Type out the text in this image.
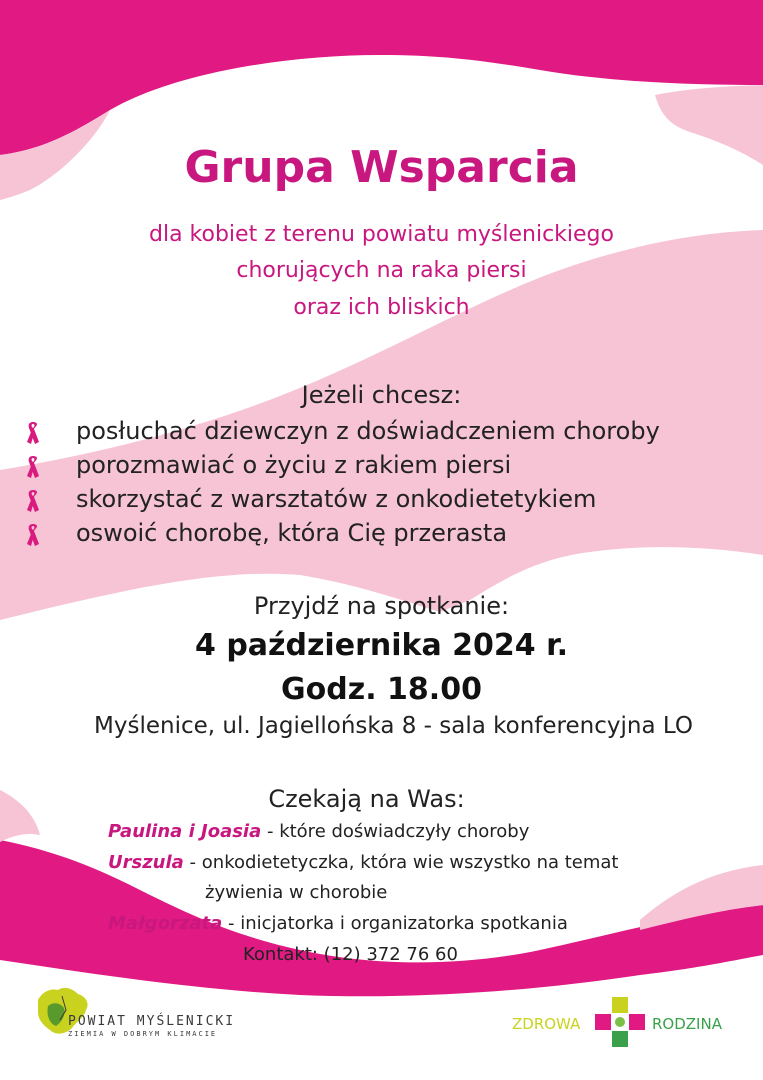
Grupa Wsparcia
dla kobiet z terenu powiatu myślenickiego
chorujących na raka piersi
oraz ich bliskich
Jeżeli chcesz:
posłuchać dziewczyn z doświadczeniem choroby
porozmawiać o życiu z rakiem piersi
skorzystać z warsztatów z onkodietetykiem
oswoić chorobę, która Cię przerasta
Przyjdź na spotkanie:
4 października 2024 r.
Godz. 18.00
Myślenice, ul. Jagiellońska 8 - sala konferencyjna LO
Czekają na Was:
Paulina i Joasia - które doświadczyły choroby
Urszula - onkodietetyczka, która wie wszystko na temat
żywienia w chorobie
Małgorzata - inicjatorka i organizatorka spotkania
Kontakt: (12) 372 76 60
POWIAT MYŚLENICKI
ZIEMIA W DOBRYM KLIMACIE
ZDROWA	RODZINA
